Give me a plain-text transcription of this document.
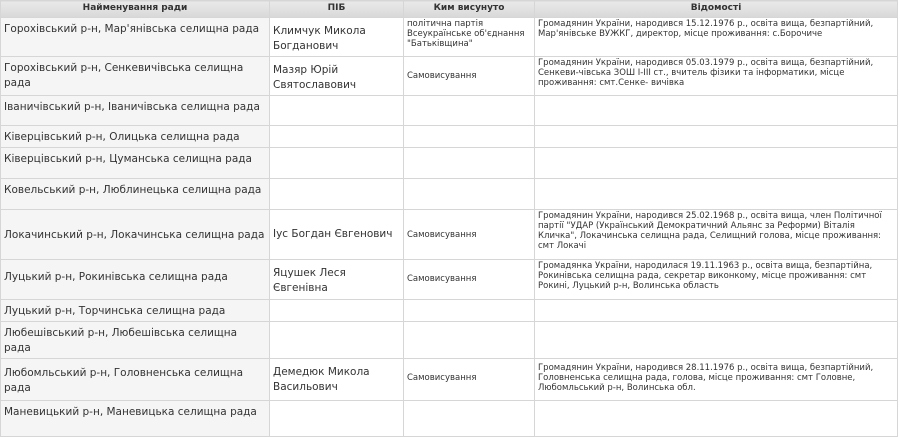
Найменування ради	ПІБ	Ким висунуто	Відомості
Горохівський р-н, Мар'янівська селищна рада	Климчук Микола Богданович	політична партія Всеукраїнське об'єднання "Батьківщина"	Громадянин України, народився 15.12.1976 р., освіта вища, безпартійний, Мар'янівське ВУЖКГ, директор, місце проживання: с.Борочиче
Горохівський р-н, Сенкевичівська селищна рада	Мазяр Юрій Святославович	Самовисування	Громадянин України, народився 05.03.1979 р., освіта вища, безпартійний, Сенкеви-чівська ЗОШ І-ІІІ ст., вчитель фізики та інформатики, місце проживання: смт.Сенке- вичівка
Іваничівський р-н, Іваничівська селищна рада			
Ківерцівський р-н, Олицька селищна рада			
Ківерцівський р-н, Цуманська селищна рада			
Ковельський р-н, Люблинецька селищна рада			
Локачинський р-н, Локачинська селищна рада	Іус Богдан Євгенович	Самовисування	Громадянин України, народився 25.02.1968 р., освіта вища, член Політичної партії "УДАР (Український Демократичний Альянс за Реформи) Віталія Кличка", Локачинська селищна рада, Селищний голова, місце проживання: смт Локачі
Луцький р-н, Рокинівська селищна рада	Яцушек Леся Євгенівна	Самовисування	Громадянка України, народилася 19.11.1963 р., освіта вища, безпартійна, Рокинівська селищна рада, секретар виконкому, місце проживання: смт Рокині, Луцький р-н, Волинська область
Луцький р-н, Торчинська селищна рада			
Любешівський р-н, Любешівська селищна рада			
Любомльський р-н, Головненська селищна рада	Демедюк Микола Васильович	Самовисування	Громадянин України, народився 28.11.1976 р., освіта вища, безпартійний, Головненська селищна рада, голова, місце проживання: смт Головне, Любомльський р-н, Волинська обл.
Маневицький р-н, Маневицька селищна рада			
